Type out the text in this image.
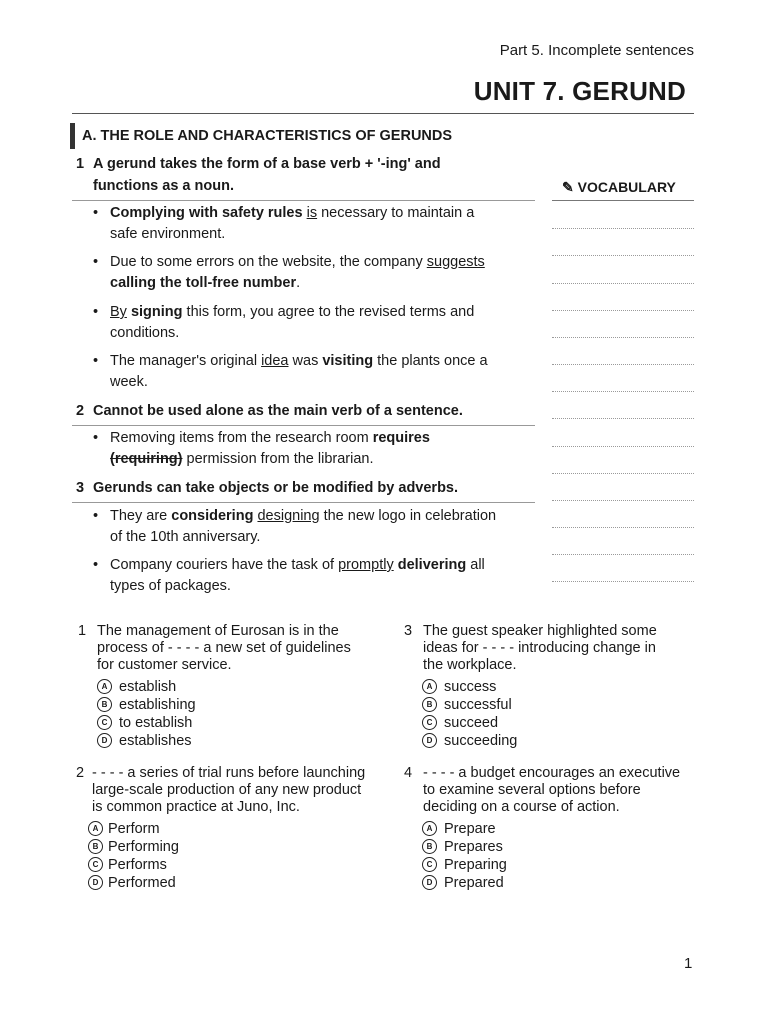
Part 5. Incomplete sentences
UNIT 7. GERUND
A. THE ROLE AND CHARACTERISTICS OF GERUNDS
1 A gerund takes the form of a base verb + '-ing' and
functions as a noun.
• Complying with safety rules is necessary to maintain a
safe environment.
• Due to some errors on the website, the company suggests
calling the toll-free number.
• By signing this form, you agree to the revised terms and
conditions.
• The manager's original idea was visiting the plants once a
week.
2 Cannot be used alone as the main verb of a sentence.
• Removing items from the research room requires
(requiring) permission from the librarian.
3 Gerunds can take objects or be modified by adverbs.
• They are considering designing the new logo in celebration
of the 10th anniversary.
• Company couriers have the task of promptly delivering all
types of packages.
✎ VOCABULARY
1 The management of Eurosan is in the
process of - - - - a new set of guidelines
for customer service.
A establish
B establishing
C to establish
D establishes
2 - - - - a series of trial runs before launching
large-scale production of any new product
is common practice at Juno, Inc.
A Perform
B Performing
C Performs
D Performed
3 The guest speaker highlighted some
ideas for - - - - introducing change in
the workplace.
A success
B successful
C succeed
D succeeding
4 - - - - a budget encourages an executive
to examine several options before
deciding on a course of action.
A Prepare
B Prepares
C Preparing
D Prepared
1
